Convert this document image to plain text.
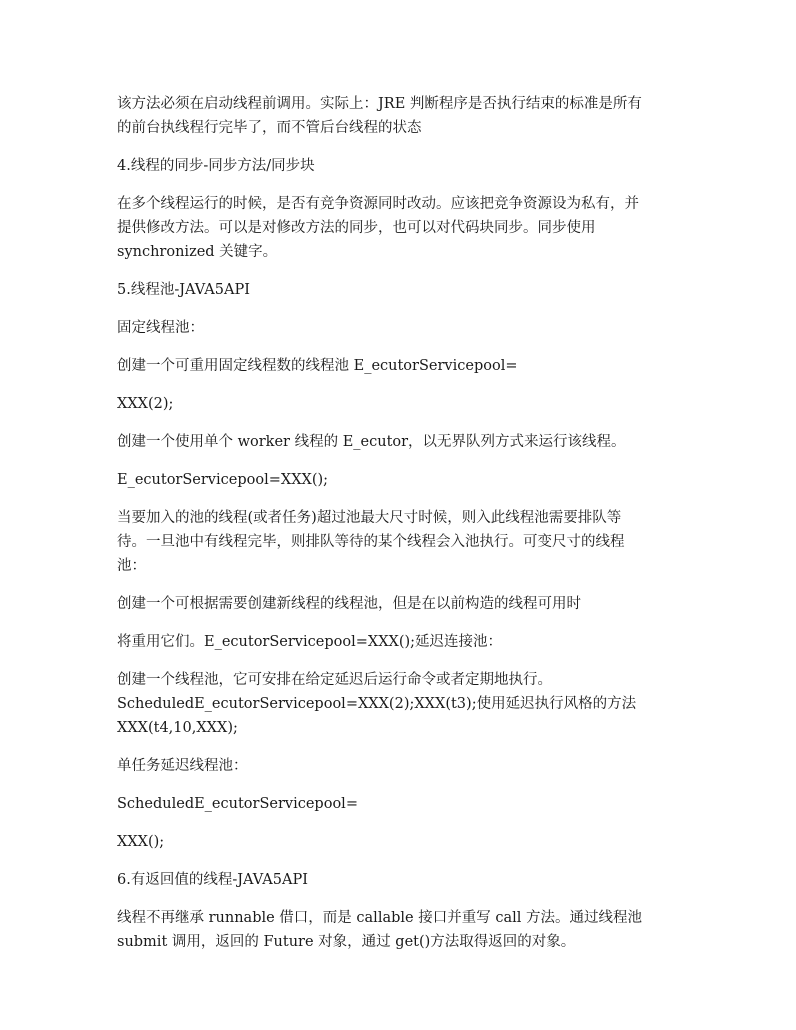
该方法必须在启动线程前调用。实际上：JRE 判断程序是否执行结束的标准是所有
的前台执线程行完毕了，而不管后台线程的状态

4.线程的同步-同步方法/同步块

在多个线程运行的时候，是否有竞争资源同时改动。应该把竞争资源设为私有，并
提供修改方法。可以是对修改方法的同步，也可以对代码块同步。同步使用
synchronized 关键字。

5.线程池-JAVA5API

固定线程池：

创建一个可重用固定线程数的线程池 E_ecutorServicepool=

XXX(2);

创建一个使用单个 worker 线程的 E_ecutor，以无界队列方式来运行该线程。

E_ecutorServicepool=XXX();

当要加入的池的线程(或者任务)超过池最大尺寸时候，则入此线程池需要排队等
待。一旦池中有线程完毕，则排队等待的某个线程会入池执行。可变尺寸的线程
池：

创建一个可根据需要创建新线程的线程池，但是在以前构造的线程可用时

将重用它们。E_ecutorServicepool=XXX();延迟连接池：

创建一个线程池，它可安排在给定延迟后运行命令或者定期地执行。
ScheduledE_ecutorServicepool=XXX(2);XXX(t3);使用延迟执行风格的方法
XXX(t4,10,XXX);

单任务延迟线程池：

ScheduledE_ecutorServicepool=

XXX();

6.有返回值的线程-JAVA5API

线程不再继承 runnable 借口，而是 callable 接口并重写 call 方法。通过线程池
submit 调用，返回的 Future 对象，通过 get()方法取得返回的对象。
